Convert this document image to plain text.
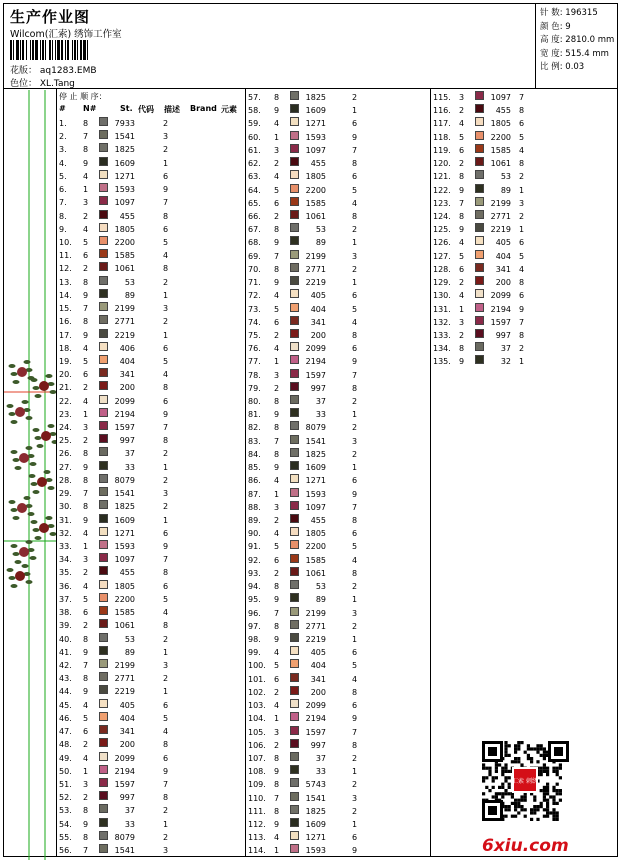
生产作业图
Wilcom(汇索) 绣饰工作室
花版： aq1283.EMB
色位： XL.Tang
针 数: 196315
颜 色: 9
高 度: 2810.0 mm
宽 度: 515.4 mm
比 例: 0.03
停 止 顺 序：
# N#	St. 代码 描述 Brand 元素
1. 8	7933	2
2. 7	1541	3
3. 8	1825	2
4. 9	1609	1
5. 4	1271	6
6. 1	1593	9
7. 3	1097	7
8. 2	455	8
9. 4	1805	6
10. 5	2200	5
11. 6	1585	4
12. 2	1061	8
13. 8	53	2
14. 9	89	1
15. 7	2199	3
16. 8	2771	2
17. 9	2219	1
18. 4	406	6
19. 5	404	5
20. 6	341	4
21. 2	200	8
22. 4	2099	6
23. 1	2194	9
24. 3	1597	7
25. 2	997	8
26. 8	37	2
27. 9	33	1
28. 8	8079	2
29. 7	1541	3
30. 8	1825	2
31. 9	1609	1
32. 4	1271	6
33. 1	1593	9
34. 3	1097	7
35. 2	455	8
36. 4	1805	6
37. 5	2200	5
38. 6	1585	4
39. 2	1061	8
40. 8	53	2
41. 9	89	1
42. 7	2199	3
43. 8	2771	2
44. 9	2219	1
45. 4	405	6
46. 5	404	5
47. 6	341	4
48. 2	200	8
49. 4	2099	6
50. 1	2194	9
51. 3	1597	7
52. 2	997	8
53. 8	37	2
54. 9	33	1
55. 8	8079	2
56. 7	1541	3
57. 8	1825	2
58. 9	1609	1
59. 4	1271	6
60. 1	1593	9
61. 3	1097	7
62. 2	455	8
63. 4	1805	6
64. 5	2200	5
65. 6	1585	4
66. 2	1061	8
67. 8	53	2
68. 9	89	1
69. 7	2199	3
70. 8	2771	2
71. 9	2219	1
72. 4	405	6
73. 5	404	5
74. 6	341	4
75. 2	200	8
76. 4	2099	6
77. 1	2194	9
78. 3	1597	7
79. 2	997	8
80. 8	37	2
81. 9	33	1
82. 8	8079	2
83. 7	1541	3
84. 8	1825	2
85. 9	1609	1
86. 4	1271	6
87. 1	1593	9
88. 3	1097	7
89. 2	455	8
90. 4	1805	6
91. 5	2200	5
92. 6	1585	4
93. 2	1061	8
94. 8	53	2
95. 9	89	1
96. 7	2199	3
97. 8	2771	2
98. 9	2219	1
99. 4	405	6
100. 5	404	5
101. 6	341	4
102. 2	200	8
103. 4	2099	6
104. 1	2194	9
105. 3	1597	7
106. 2	997	8
107. 8	37	2
108. 9	33	1
109. 8	5743	2
110. 7	1541	3
111. 8	1825	2
112. 9	1609	1
113. 4	1271	6
114. 1	1593	9
115. 3	1097 7
116. 2	455 8
117. 4	1805 6
118. 5	2200 5
119. 6	1585 4
120. 2	1061 8
121. 8	53 2
122. 9	89 1
123. 7	2199 3
124. 8	2771 2
125. 9	2219 1
126. 4	405 6
127. 5	404 5
128. 6	341 4
129. 2	200 8
130. 4	2099 6
131. 1	2194 9
132. 3	1597 7
133. 2	997 8
134. 8	37 2
135. 9	32 1
汇索 刺绣
6xiu.com
